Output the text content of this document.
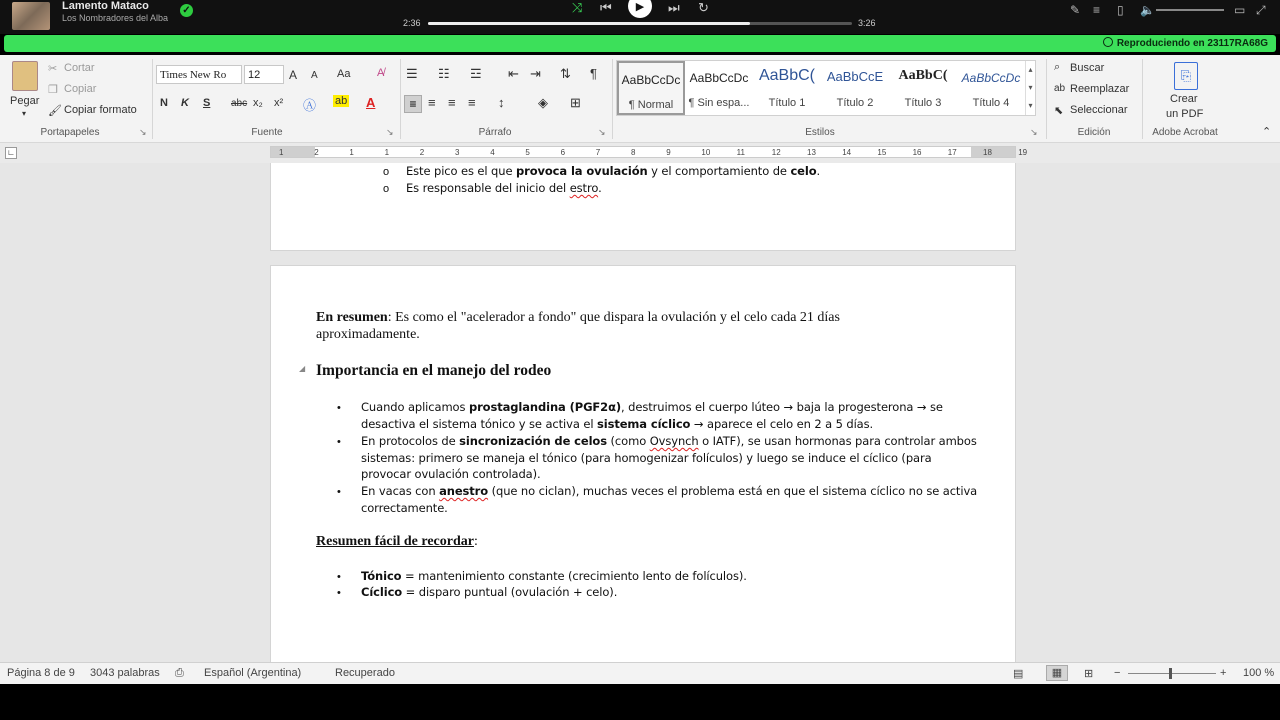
Lamento Mataco
Los Nombradores del Alba
✓	⤨ ⏮	▶	⏭ ↻
2:36	3:26
✎ ≡ ▯ 🔈	▭ ⤢
Reproduciendo en 23117RA68G
Pegar
▾
✂ Cortar
❐ Copiar
🖌 Copiar formato
Portapapeles	↘
Times New Ro	12	A A Aa A̸
N K S abc x₂ x² Ⓐ ab A
Fuente	↘
☰ ☷ ☲ ⇤ ⇥ ⇅ ¶
≡ ≡ ≡ ≡ ↕	◈ ⊞
Párrafo	↘
AaBbCcDc
¶ Normal
AaBbCcDc
¶ Sin espa...
AaBbC(
Título 1
AaBbCcE
Título 2
AaBbC(
Título 3
AaBbCcDc
Título 4
▴
▾
▾
Estilos	↘
⌕ Buscar
ab Reemplazar
⬉ Seleccionar
Edición
⎘
Crear
un PDF
Adobe Acrobat	⌃
∟	1	2	1	1	2	3	4	5	6	7	8	9	10	11	12	13	14	15	16	17	18	19
o Este pico es el que provoca la ovulación y el comportamiento de celo.
o Es responsable del inicio del estro.
En resumen: Es como el "acelerador a fondo" que dispara la ovulación y el celo cada 21 días
aproximadamente.
◢ Importancia en el manejo del rodeo
• Cuando aplicamos prostaglandina (PGF2α), destruimos el cuerpo lúteo → baja la progesterona → se
desactiva el sistema tónico y se activa el sistema cíclico → aparece el celo en 2 a 5 días.
• En protocolos de sincronización de celos (como Ovsynch o IATF), se usan hormonas para controlar ambos
sistemas: primero se maneja el tónico (para homogenizar folículos) y luego se induce el cíclico (para
provocar ovulación controlada).
• En vacas con anestro (que no ciclan), muchas veces el problema está en que el sistema cíclico no se activa
correctamente.
Resumen fácil de recordar:
• Tónico = mantenimiento constante (crecimiento lento de folículos).
• Cíclico = disparo puntual (ovulación + celo).
Página 8 de 9 3043 palabras ⎙ Español (Argentina)	Recuperado	▤	▦	⊞ −	+ 100 %
